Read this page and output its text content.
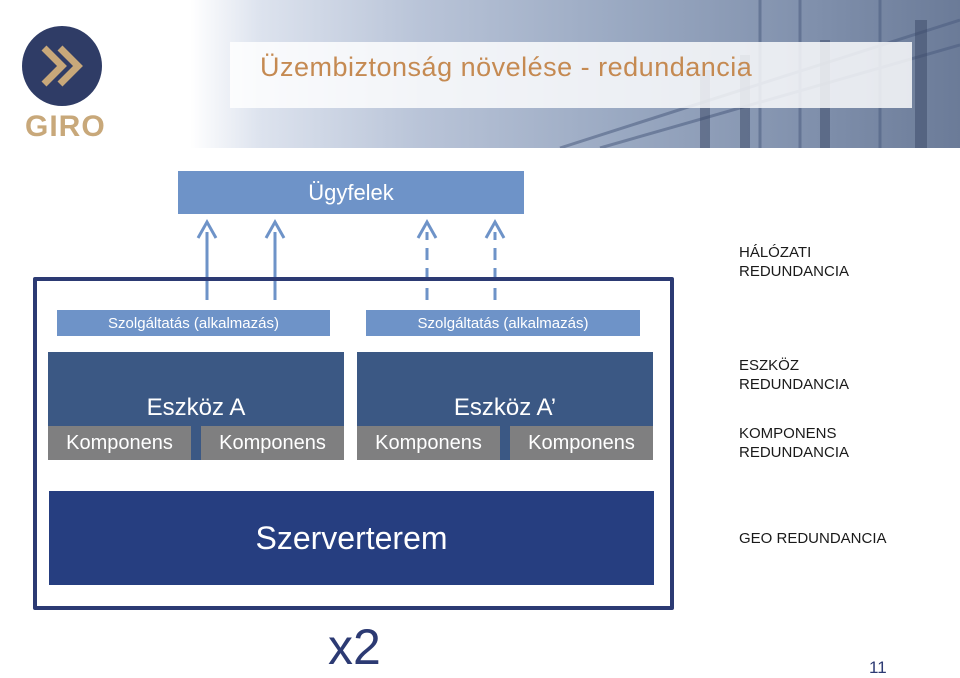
Üzembiztonság növelése - redundancia
GIRO
Ügyfelek
Szolgáltatás (alkalmazás)	Szolgáltatás (alkalmazás)
Eszköz A
Komponens	Komponens
Eszköz A’
Komponens	Komponens
Szerverterem
HÁLÓZATI
REDUNDANCIA
ESZKÖZ
REDUNDANCIA
KOMPONENS
REDUNDANCIA
GEO REDUNDANCIA
x2	11
